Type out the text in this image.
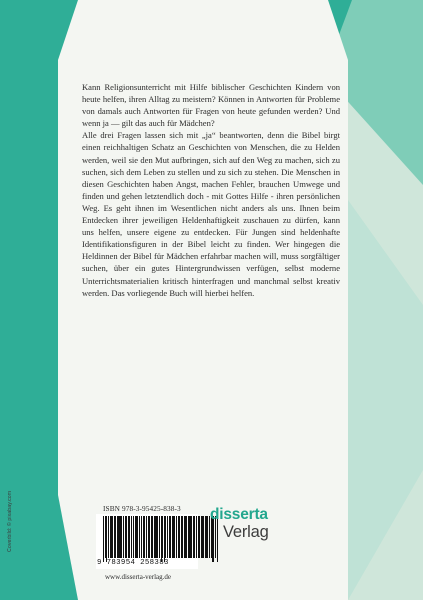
Kann Religionsunterricht mit Hilfe biblischer Geschichten Kindern von heute helfen, ihren Alltag zu meistern? Können in Antworten für Probleme von damals auch Antworten für Fragen von heute gefunden werden? Und wenn ja — gilt das auch für Mädchen?

Alle drei Fragen lassen sich mit „ja“ beantworten, denn die Bibel birgt einen reichhaltigen Schatz an Geschichten von Menschen, die zu Helden werden, weil sie den Mut aufbringen, sich auf den Weg zu machen, sich zu suchen, sich dem Leben zu stellen und zu sich zu stehen. Die Menschen in diesen Geschichten haben Angst, machen Fehler, brauchen Umwege und finden und gehen letztendlich doch - mit Gottes Hilfe - ihren persönlichen Weg. Es geht ihnen im Wesentlichen nicht anders als uns. Ihnen beim Entdecken ihrer jeweiligen Heldenhaftigkeit zuschauen zu dürfen, kann uns helfen, unsere eigene zu entdecken. Für Jungen sind heldenhafte Identifikationsfiguren in der Bibel leicht zu finden. Wer hingegen die Heldinnen der Bibel für Mädchen erfahrbar machen will, muss sorgfältiger suchen, über ein gutes Hintergrundwissen verfügen, selbst moderne Unterrichtsmaterialien kritisch hinterfragen und manchmal selbst kreativ werden. Das vorliegende Buch will hierbei helfen.

Coverbild: © pixabay.com	ISBN 978-3-95425-838-3
9 783954 258383
www.disserta-verlag.de
disserta
Verlag
